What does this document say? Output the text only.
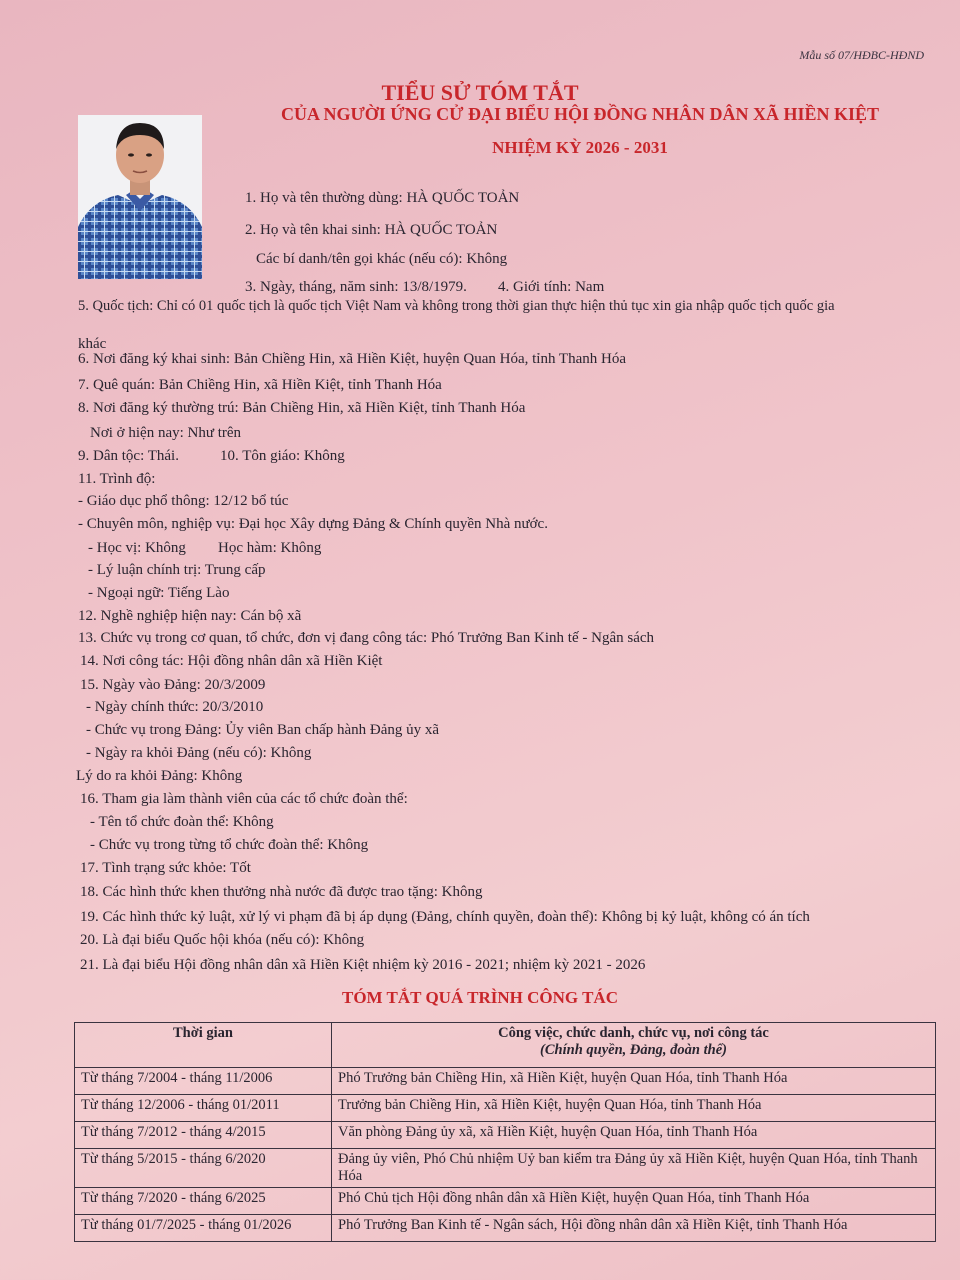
Mẫu số 07/HĐBC-HĐND
TIỂU SỬ TÓM TẮT
CỦA NGƯỜI ỨNG CỬ ĐẠI BIỂU HỘI ĐỒNG NHÂN DÂN XÃ HIỀN KIỆT
NHIỆM KỲ 2026 - 2031
1. Họ và tên thường dùng: HÀ QUỐC TOẢN
2. Họ và tên khai sinh: HÀ QUỐC TOẢN
Các bí danh/tên gọi khác (nếu có): Không
3. Ngày, tháng, năm sinh: 13/8/1979. 4. Giới tính: Nam
5. Quốc tịch: Chỉ có 01 quốc tịch là quốc tịch Việt Nam và không trong thời gian thực hiện thủ tục xin gia nhập quốc tịch quốc gia
khác
6. Nơi đăng ký khai sinh: Bản Chiềng Hin, xã Hiền Kiệt, huyện Quan Hóa, tỉnh Thanh Hóa
7. Quê quán: Bản Chiềng Hin, xã Hiền Kiệt, tỉnh Thanh Hóa
8. Nơi đăng ký thường trú: Bản Chiềng Hin, xã Hiền Kiệt, tỉnh Thanh Hóa
Nơi ở hiện nay: Như trên
9. Dân tộc: Thái.	10. Tôn giáo: Không
11. Trình độ:
- Giáo dục phổ thông: 12/12 bổ túc
- Chuyên môn, nghiệp vụ: Đại học Xây dựng Đảng & Chính quyền Nhà nước.
- Học vị: Không Học hàm: Không
- Lý luận chính trị: Trung cấp
- Ngoại ngữ: Tiếng Lào
12. Nghề nghiệp hiện nay: Cán bộ xã
13. Chức vụ trong cơ quan, tổ chức, đơn vị đang công tác: Phó Trưởng Ban Kinh tế - Ngân sách
14. Nơi công tác: Hội đồng nhân dân xã Hiền Kiệt
15. Ngày vào Đảng: 20/3/2009
- Ngày chính thức: 20/3/2010
- Chức vụ trong Đảng: Ủy viên Ban chấp hành Đảng ủy xã
- Ngày ra khỏi Đảng (nếu có): Không
Lý do ra khỏi Đảng: Không
16. Tham gia làm thành viên của các tổ chức đoàn thể:
- Tên tổ chức đoàn thể: Không
- Chức vụ trong từng tổ chức đoàn thể: Không
17. Tình trạng sức khỏe: Tốt
18. Các hình thức khen thưởng nhà nước đã được trao tặng: Không
19. Các hình thức kỷ luật, xử lý vi phạm đã bị áp dụng (Đảng, chính quyền, đoàn thể): Không bị kỷ luật, không có án tích
20. Là đại biểu Quốc hội khóa (nếu có): Không
21. Là đại biểu Hội đồng nhân dân xã Hiền Kiệt nhiệm kỳ 2016 - 2021; nhiệm kỳ 2021 - 2026
TÓM TẮT QUÁ TRÌNH CÔNG TÁC
Thời gian	Công việc, chức danh, chức vụ, nơi công tác
(Chính quyền, Đảng, đoàn thể)

Từ tháng 7/2004 - tháng 11/2006	Phó Trưởng bản Chiềng Hin, xã Hiền Kiệt, huyện Quan Hóa, tỉnh Thanh Hóa
Từ tháng 12/2006 - tháng 01/2011	Trưởng bản Chiềng Hin, xã Hiền Kiệt, huyện Quan Hóa, tỉnh Thanh Hóa
Từ tháng 7/2012 - tháng 4/2015	Văn phòng Đảng ủy xã, xã Hiền Kiệt, huyện Quan Hóa, tỉnh Thanh Hóa
Từ tháng 5/2015 - tháng 6/2020	Đảng ủy viên, Phó Chủ nhiệm Uỷ ban kiểm tra Đảng ủy xã Hiền Kiệt, huyện Quan Hóa, tỉnh Thanh Hóa
Từ tháng 7/2020 - tháng 6/2025	Phó Chủ tịch Hội đồng nhân dân xã Hiền Kiệt, huyện Quan Hóa, tỉnh Thanh Hóa
Từ tháng 01/7/2025 - tháng 01/2026	Phó Trưởng Ban Kinh tế - Ngân sách, Hội đồng nhân dân xã Hiền Kiệt, tỉnh Thanh Hóa
